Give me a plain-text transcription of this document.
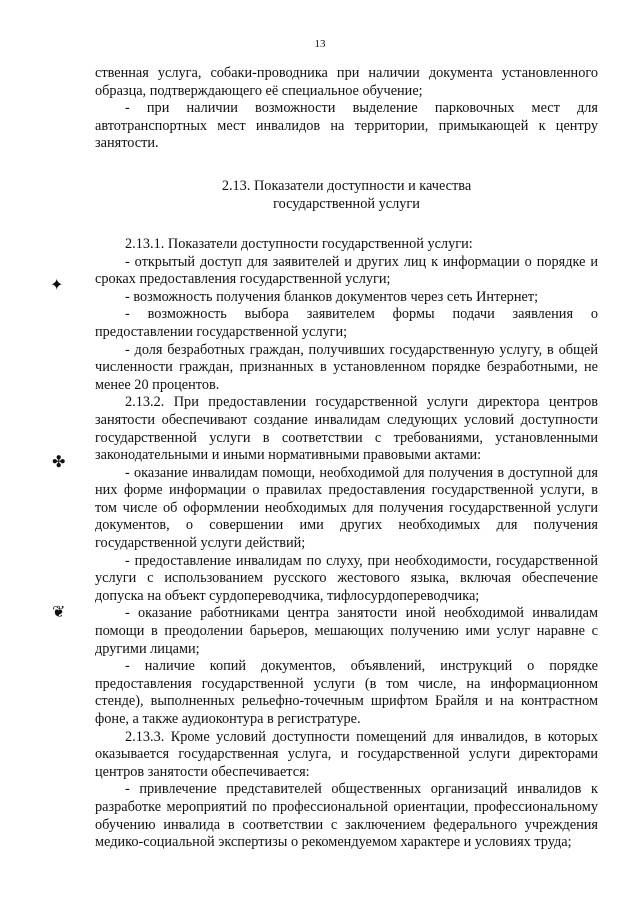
13
✦
✤
❦

ственная услуга, собаки-проводника при наличии документа установленного образца, подтверждающего её специальное обучение;

- при наличии возможности выделение парковочных мест для автотранспортных мест инвалидов на территории, примыкающей к центру занятости.

2.13. Показатели доступности и качества
государственной услуги

2.13.1. Показатели доступности государственной услуги:

- открытый доступ для заявителей и других лиц к информации о порядке и сроках предоставления государственной услуги;

- возможность получения бланков документов через сеть Интернет;

- возможность выбора заявителем формы подачи заявления о предоставлении государственной услуги;

- доля безработных граждан, получивших государственную услугу, в общей численности граждан, признанных в установленном порядке безработными, не менее 20 процентов.

2.13.2. При предоставлении государственной услуги директора центров занятости обеспечивают создание инвалидам следующих условий доступности государственной услуги в соответствии с требованиями, установленными законодательными и иными нормативными правовыми актами:

- оказание инвалидам помощи, необходимой для получения в доступной для них форме информации о правилах предоставления государственной услуги, в том числе об оформлении необходимых для получения государственной услуги документов, о совершении ими других необходимых для получения государственной услуги действий;

- предоставление инвалидам по слуху, при необходимости, государственной услуги с использованием русского жестового языка, включая обеспечение допуска на объект сурдопереводчика, тифлосурдопереводчика;

- оказание работниками центра занятости иной необходимой инвалидам помощи в преодолении барьеров, мешающих получению ими услуг наравне с другими лицами;

- наличие копий документов, объявлений, инструкций о порядке предоставления государственной услуги (в том числе, на информационном стенде), выполненных рельефно-точечным шрифтом Брайля и на контрастном фоне, а также аудиоконтура в регистратуре.

2.13.3. Кроме условий доступности помещений для инвалидов, в которых оказывается государственная услуга, и государственной услуги директорами центров занятости обеспечивается:

- привлечение представителей общественных организаций инвалидов к разработке мероприятий по профессиональной ориентации, профессиональному обучению инвалида в соответствии с заключением федерального учреждения медико-социальной экспертизы о рекомендуемом характере и условиях труда;
